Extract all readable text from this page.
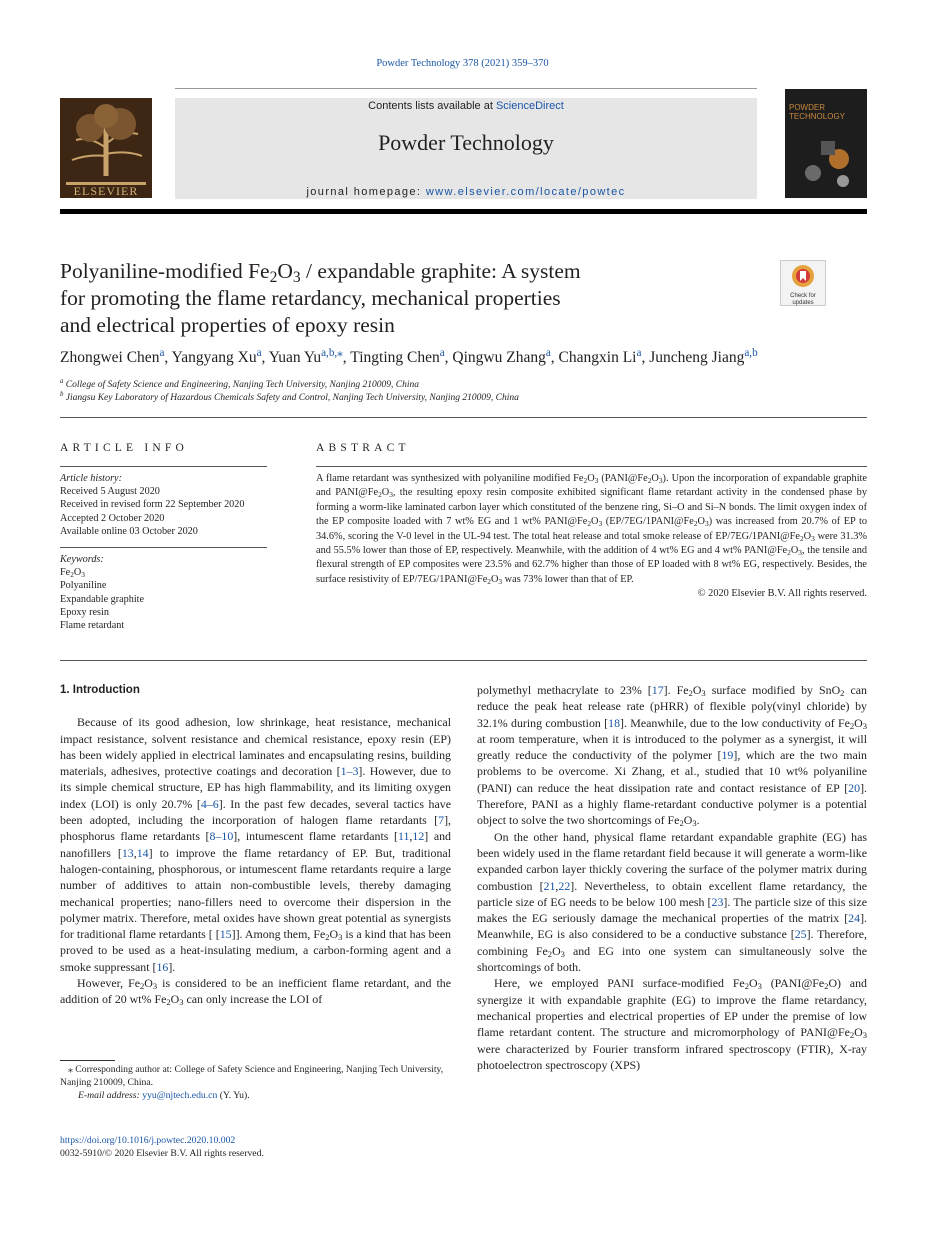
Powder Technology 378 (2021) 359–370
ELSEVIER
Contents lists available at ScienceDirect
Powder Technology
journal homepage: www.elsevier.com/locate/powtec
POWDER TECHNOLOGY
Polyaniline-modified $Fe_2O_3$ / expandable graphite: A system
for promoting the flame retardancy, mechanical properties
and electrical properties of epoxy resin
Check for updates
Zhongwei Chen$^a$, Yangyang Xu$^a$, Yuan $Yu^{a,b,⁎}$, Tingting Chen$^a$, Qingwu Zhang$^a$, Changxin Li$^a$, Juncheng Jiang$^{a,b}$
$^a$ College of Safety Science and Engineering, Nanjing Tech University, Nanjing 210009, China
$^b$ Jiangsu Key Laboratory of Hazardous Chemicals Safety and Control, Nanjing Tech University, Nanjing 210009, China
ARTICLE INFO
Article history:
Received 5 August 2020
Received in revised form 22 September 2020
Accepted 2 October 2020
Available online 03 October 2020
Keywords:
$Fe_2O_3$
Polyaniline
Expandable graphite
Epoxy resin
Flame retardant
ABSTRACT
A flame retardant was synthesized with polyaniline modified $Fe_2O_3$ $(PANI@Fe_2O_3)$. Upon the incorporation of expandable graphite and $PANI@Fe_2O_3$, the resulting epoxy resin composite exhibited significant flame retardant activity in the condensed phase by forming a worm-like laminated carbon layer which constituted of the benzene ring, Si–O and Si–N bonds. The limit oxygen index of the EP composite loaded with 7 wt% EG and 1 wt% $PANI@Fe_2O_3$ $(EP/7EG/1PANI@Fe_2O_3)$ was increased from 20.7% of EP to 34.6%, scoring the V-0 level in the UL-94 test. The total heat release and total smoke release of $EP/7EG/1PANI@Fe_2O_3$ were 31.3% and 55.5% lower than those of EP, respectively. Meanwhile, with the addition of 4 wt% EG and 4 wt% $PANI@Fe_2O_3$, the tensile and flexural strength of EP composites were 23.5% and 62.7% higher than those of EP loaded with 8 wt% EG, respectively. Besides, the surface resistivity of $EP/7EG/1PANI@Fe_2O_3$ was 73% lower than that of EP.
© 2020 Elsevier B.V. All rights reserved.

1. Introduction

Because of its good adhesion, low shrinkage, heat resistance, mechanical impact resistance, solvent resistance and chemical resistance, epoxy resin (EP) has been widely applied in electrical laminates and encapsulating resins, building materials, adhesives, protective coatings and decoration [1–3]. However, due to its simple chemical structure, EP has high flammability, and its limiting oxygen index (LOI) is only 20.7% [4–6]. In the past few decades, several tactics have been adopted, including the incorporation of halogen flame retardants [7], phosphorus flame retardants [8–10], intumescent flame retardants [11,12] and nanofillers [13,14] to improve the flame retardancy of EP. But, traditional halogen-containing, phosphorous, or intumescent flame retardants require a large number of additives to attain non-combustible levels, thereby damaging mechanical properties; nano-fillers need to overcome their dispersion in the polymer matrix. Therefore, metal oxides have shown great potential as synergists for traditional flame retardants [ [15]]. Among them, $Fe_2O_3$ is a kind that has been proved to be used as a heat-insulating medium, a carbon-forming agent and a smoke suppressant [16].

However, $Fe_2O_3$ is considered to be an inefficient flame retardant, and the addition of 20 wt% $Fe_2O_3$ can only increase the LOI of

⁎ Corresponding author at: College of Safety Science and Engineering, Nanjing Tech University, Nanjing 210009, China.
E-mail address: yyu@njtech.edu.cn (Y. Yu).

polymethyl methacrylate to 23% [17]. $Fe_2O_3$ surface modified by SnO$_2$ can reduce the peak heat release rate (pHRR) of flexible poly(vinyl chloride) by 32.1% during combustion [18]. Meanwhile, due to the low conductivity of $Fe_2O_3$ at room temperature, when it is introduced to the polymer as a synergist, it will greatly reduce the conductivity of the polymer [19], which are the two main problems to be overcome. Xi Zhang, et al., studied that 10 wt% polyaniline (PANI) can reduce the heat dissipation rate and contact resistance of EP [20]. Therefore, PANI as a highly flame-retardant conductive polymer is a potential object to solve the two shortcomings of $Fe_2O_3$.

On the other hand, physical flame retardant expandable graphite (EG) has been widely used in the flame retardant field because it will generate a worm-like expanded carbon layer thickly covering the surface of the polymer matrix during combustion [21,22]. Nevertheless, to obtain excellent flame retardancy, the particle size of EG needs to be below 100 mesh [23]. The particle size of this size makes the EG seriously damage the mechanical properties of the matrix [24]. Meanwhile, EG is also considered to be a conductive substance [25]. Therefore, combining $Fe_2O_3$ and EG into one system can simultaneously solve the shortcomings of both.

Here, we employed PANI surface-modified $Fe_2O_3$ $(PANI@Fe_2O)$ and synergize it with expandable graphite (EG) to improve the flame retardancy, mechanical properties and electrical properties of EP under the premise of low flame retardant content. The structure and micromorphology of $PANI@Fe_2O_3$ were characterized by Fourier transform infrared spectroscopy (FTIR), X-ray photoelectron spectroscopy (XPS)

https://doi.org/10.1016/j.powtec.2020.10.002
0032-5910/© 2020 Elsevier B.V. All rights reserved.
